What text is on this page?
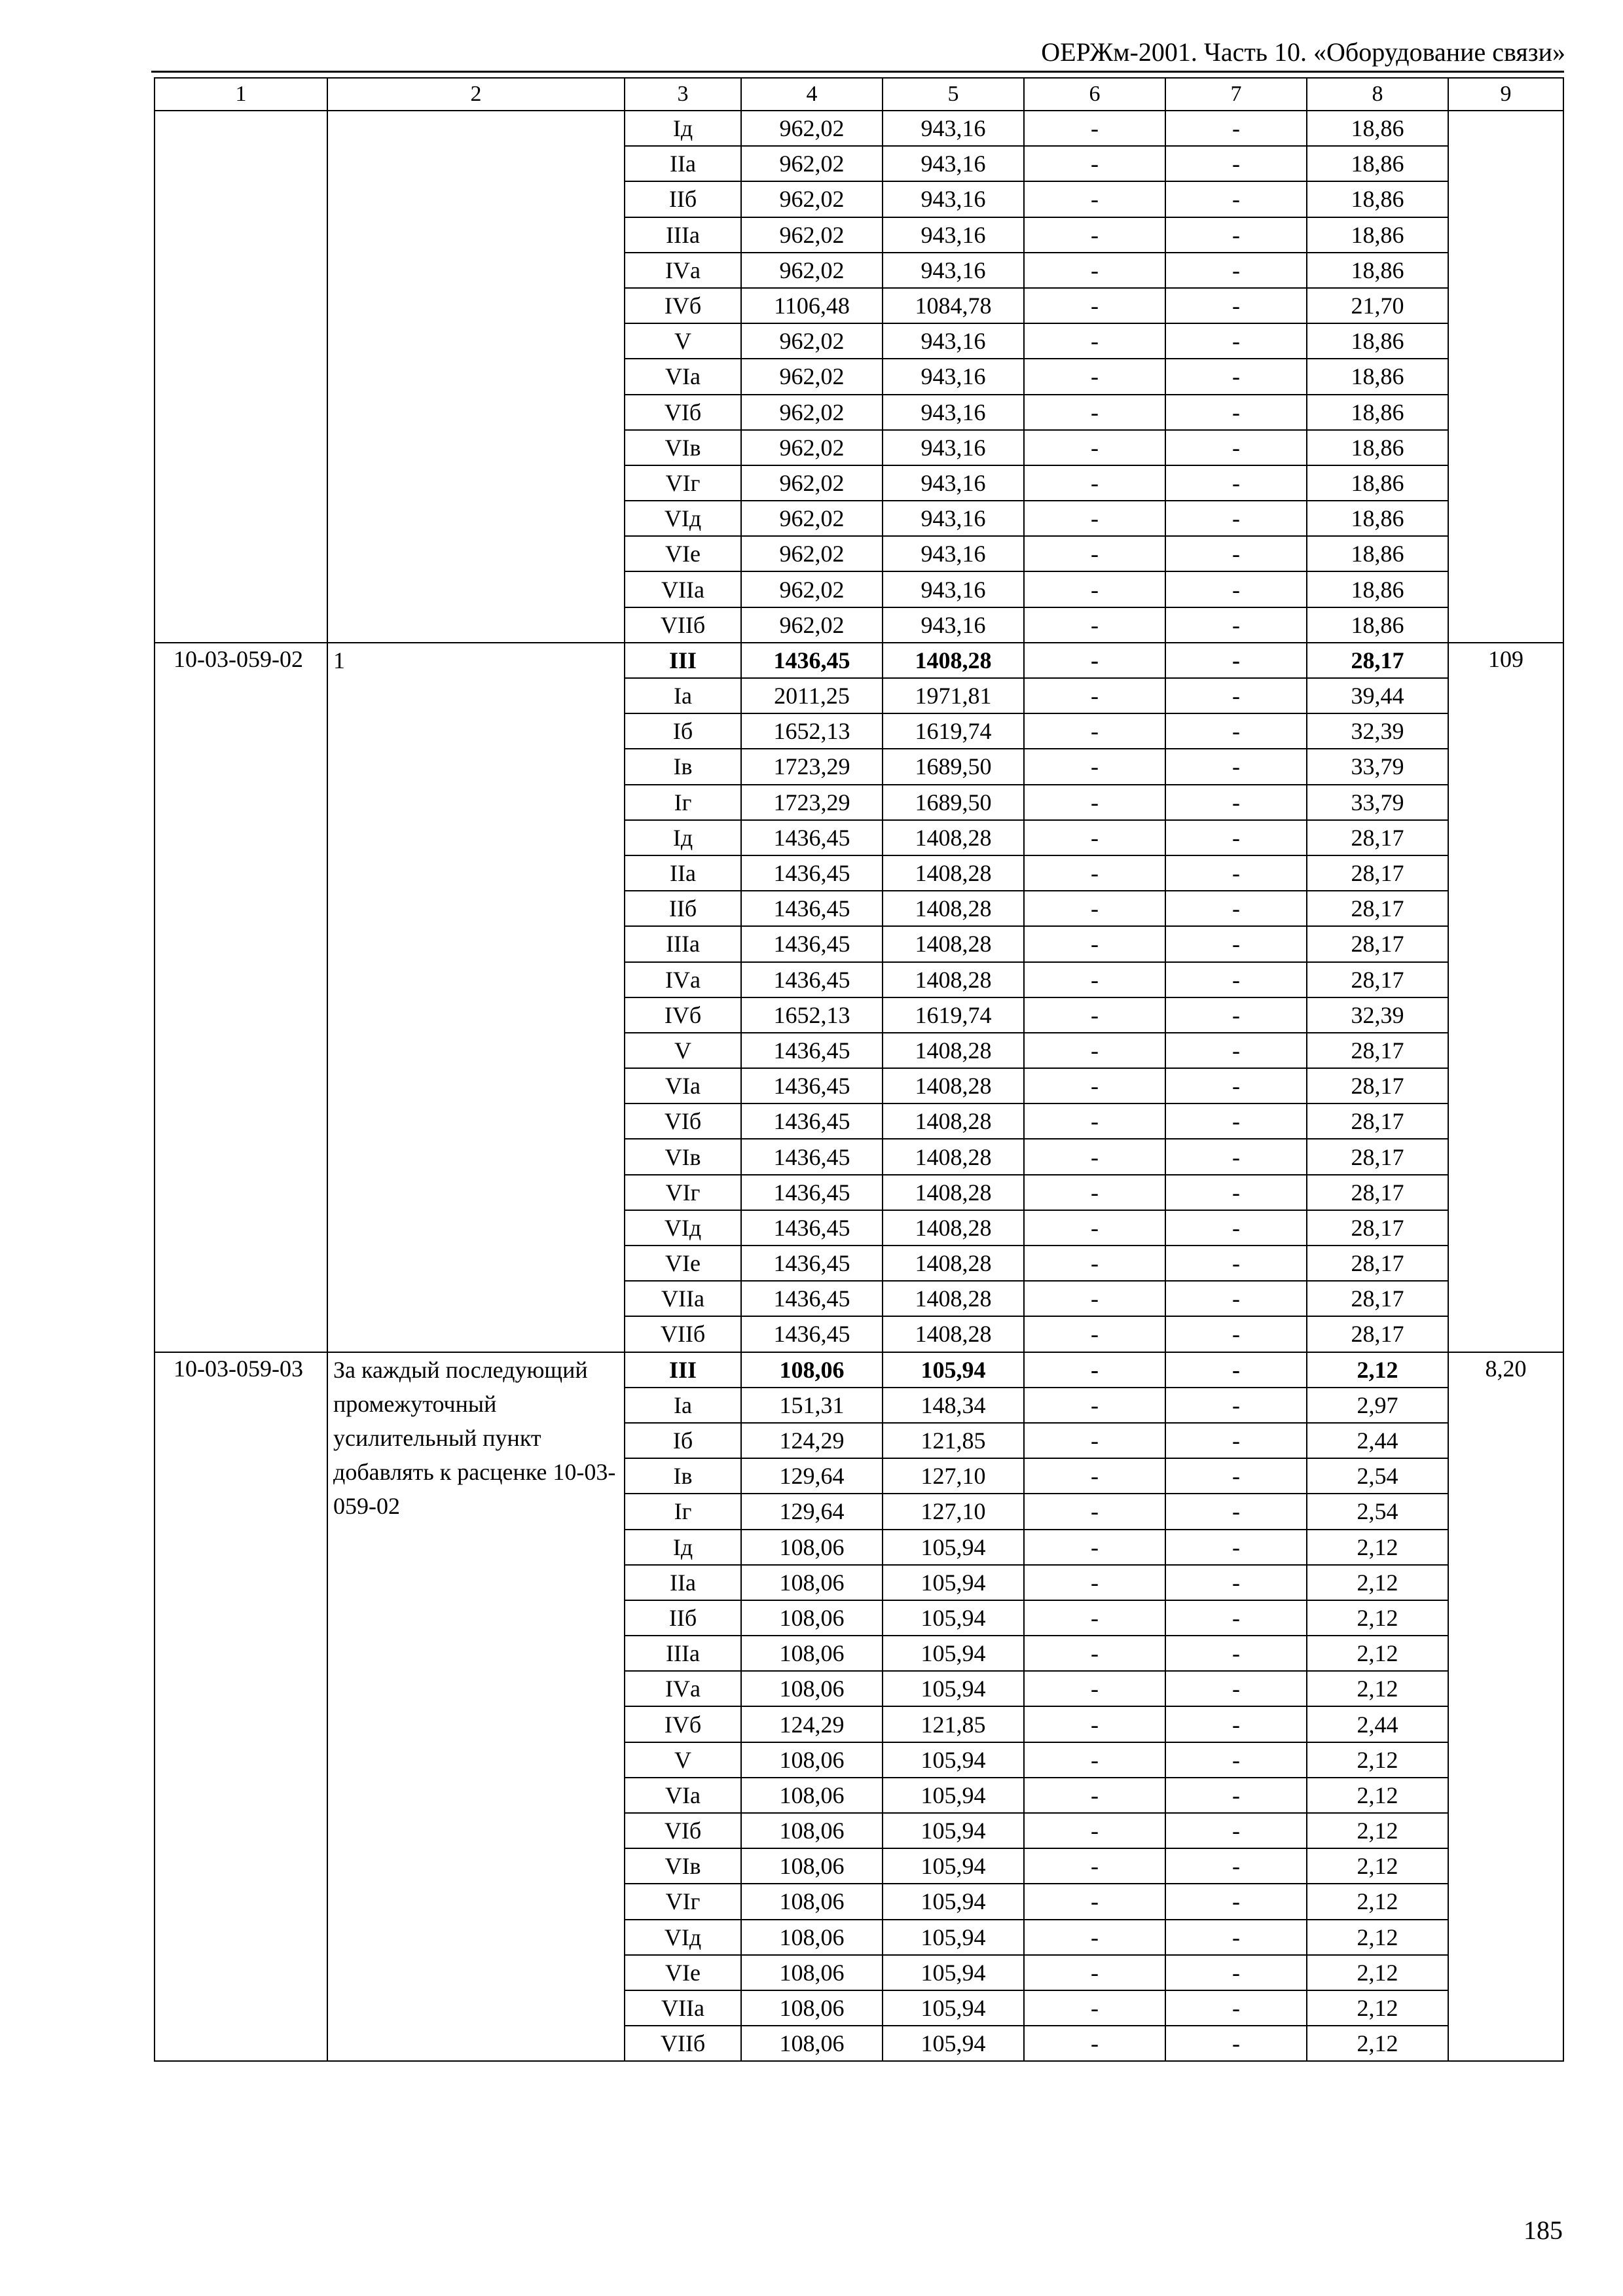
ОЕРЖм-2001. Часть 10. «Оборудование связи»
1	2	3	4	5	6	7	8	9
		Iд	962,02	943,16	-	-	18,86	
		IIа	962,02	943,16	-	-	18,86	
		IIб	962,02	943,16	-	-	18,86	
		IIIа	962,02	943,16	-	-	18,86	
		IVа	962,02	943,16	-	-	18,86	
		IVб	1106,48	1084,78	-	-	21,70	
		V	962,02	943,16	-	-	18,86	
		VIа	962,02	943,16	-	-	18,86	
		VIб	962,02	943,16	-	-	18,86	
		VIв	962,02	943,16	-	-	18,86	
		VIг	962,02	943,16	-	-	18,86	
		VIд	962,02	943,16	-	-	18,86	
		VIе	962,02	943,16	-	-	18,86	
		VIIа	962,02	943,16	-	-	18,86	
		VIIб	962,02	943,16	-	-	18,86	
10-03-059-02	1	III	1436,45	1408,28	-	-	28,17	109
		Iа	2011,25	1971,81	-	-	39,44	
		Iб	1652,13	1619,74	-	-	32,39	
		Iв	1723,29	1689,50	-	-	33,79	
		Iг	1723,29	1689,50	-	-	33,79	
		Iд	1436,45	1408,28	-	-	28,17	
		IIа	1436,45	1408,28	-	-	28,17	
		IIб	1436,45	1408,28	-	-	28,17	
		IIIа	1436,45	1408,28	-	-	28,17	
		IVа	1436,45	1408,28	-	-	28,17	
		IVб	1652,13	1619,74	-	-	32,39	
		V	1436,45	1408,28	-	-	28,17	
		VIа	1436,45	1408,28	-	-	28,17	
		VIб	1436,45	1408,28	-	-	28,17	
		VIв	1436,45	1408,28	-	-	28,17	
		VIг	1436,45	1408,28	-	-	28,17	
		VIд	1436,45	1408,28	-	-	28,17	
		VIе	1436,45	1408,28	-	-	28,17	
		VIIа	1436,45	1408,28	-	-	28,17	
		VIIб	1436,45	1408,28	-	-	28,17	
10-03-059-03	За каждый последующий промежуточный усилительный пункт добавлять к расценке 10-03-059-02	III	108,06	105,94	-	-	2,12	8,20
		Iа	151,31	148,34	-	-	2,97	
		Iб	124,29	121,85	-	-	2,44	
		Iв	129,64	127,10	-	-	2,54	
		Iг	129,64	127,10	-	-	2,54	
		Iд	108,06	105,94	-	-	2,12	
		IIа	108,06	105,94	-	-	2,12	
		IIб	108,06	105,94	-	-	2,12	
		IIIа	108,06	105,94	-	-	2,12	
		IVа	108,06	105,94	-	-	2,12	
		IVб	124,29	121,85	-	-	2,44	
		V	108,06	105,94	-	-	2,12	
		VIа	108,06	105,94	-	-	2,12	
		VIб	108,06	105,94	-	-	2,12	
		VIв	108,06	105,94	-	-	2,12	
		VIг	108,06	105,94	-	-	2,12	
		VIд	108,06	105,94	-	-	2,12	
		VIе	108,06	105,94	-	-	2,12	
		VIIа	108,06	105,94	-	-	2,12	
		VIIб	108,06	105,94	-	-	2,12	
185
